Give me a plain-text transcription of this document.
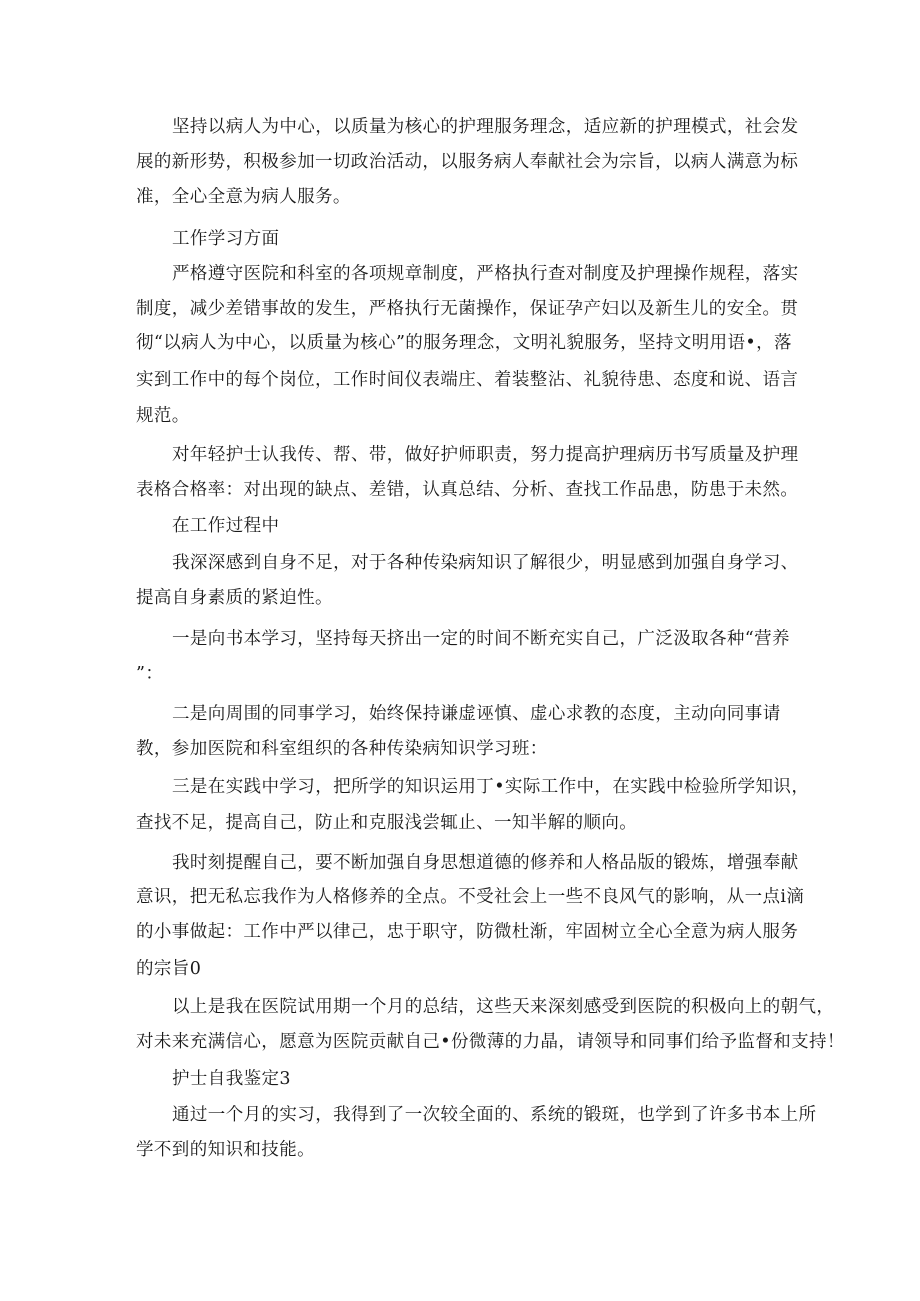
坚持以病人为中心，以质量为核心的护理服务理念，适应新的护理模式，社会发

展的新形势，积极参加一切政治活动，以服务病人奉献社会为宗旨，以病人满意为标

准，全心全意为病人服务。

工作学习方面

严格遵守医院和科室的各项规章制度，严格执行查对制度及护理操作规程，落实

制度，减少差错事故的发生，严格执行无菌操作，保证孕产妇以及新生儿的安全。贯

彻“以病人为中心，以质量为核心”的服务理念，文明礼貌服务，坚持文明用语•，落

实到工作中的每个岗位，工作时间仪表端庄、着装整沾、礼貌待患、态度和说、语言

规范。

对年轻护士认我传、帮、带，做好护师职责，努力提高护理病历书写质量及护理

表格合格率：对出现的缺点、差错，认真总结、分析、查找工作品患，防患于未然。

在工作过程中

我深深感到自身不足，对于各种传染病知识了解很少，明显感到加强自身学习、

提高自身素质的紧迫性。

一是向书本学习，坚持每天挤出一定的时间不断充实自己，广泛汲取各种“营养

”：

二是向周围的同事学习，始终保持谦虚诬慎、虚心求教的态度，主动向同事请

教，参加医院和科室组织的各种传染病知识学习班：

三是在实践中学习，把所学的知识运用丁•实际工作中，在实践中检验所学知识，

查找不足，提高自己，防止和克服浅尝辄止、一知半解的顺向。

我时刻提醒自己，要不断加强自身思想道德的修养和人格品版的锻炼，增强奉献

意识，把无私忘我作为人格修养的全点。不受社会上一些不良风气的影响，从一点i滴

的小事做起：工作中严以律己，忠于职守，防微杜渐，牢固树立全心全意为病人服务

的宗旨0

以上是我在医院试用期一个月的总结，这些天来深刻感受到医院的积极向上的朝气，

对未来充满信心，愿意为医院贡献自己•份微薄的力晶，请领导和同事们给予监督和支持！

护士自我鉴定3

通过一个月的实习，我得到了一次较全面的、系统的锻斑，也学到了许多书本上所

学不到的知识和技能。
